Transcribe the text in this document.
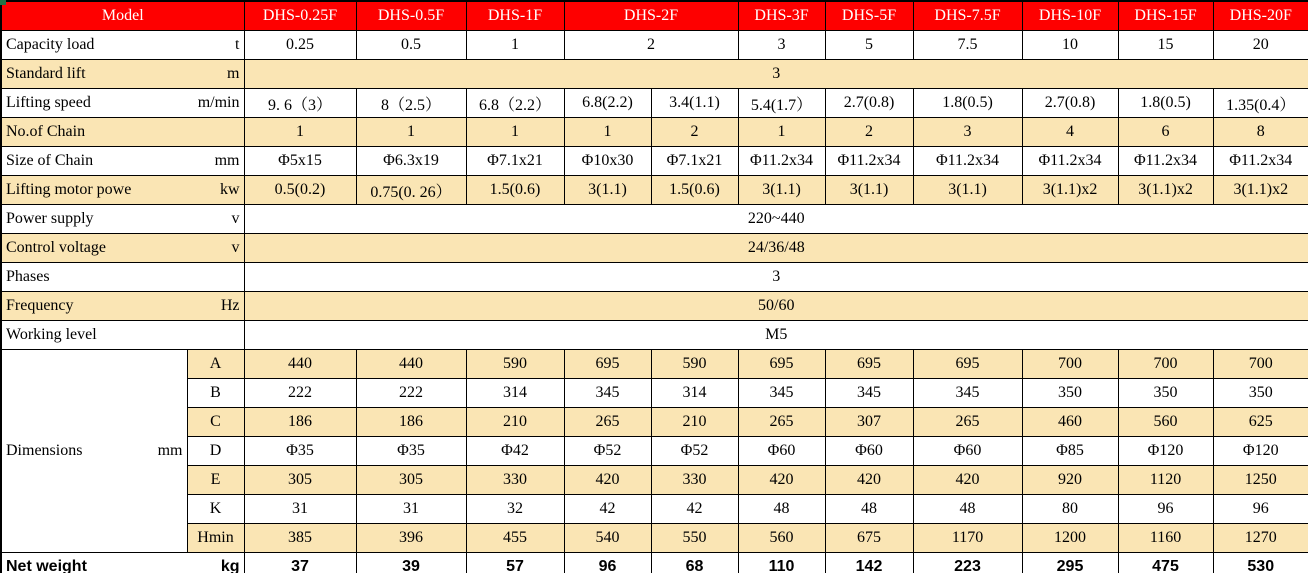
Model		DHS-0.25F	DHS-0.5F	DHS-1F	DHS-2F		DHS-3F	DHS-5F	DHS-7.5F	DHS-10F	DHS-15F	DHS-20F

Capacity load t		0.25	0.5	1	2		3	5	7.5	10	15	20

Standard lift m		3										

Lifting speed m/min		9. 6（3）	8（2.5）	6.8（2.2）	6.8(2.2)	3.4(1.1)	5.4(1.7）	2.7(0.8)	1.8(0.5)	2.7(0.8)	1.8(0.5)	1.35(0.4）

No.of Chain		1	1	1	1	2	1	2	3	4	6	8

Size of Chain mm		Φ5x15	Φ6.3x19	Φ7.1x21	Φ10x30	Φ7.1x21	Φ11.2x34	Φ11.2x34	Φ11.2x34	Φ11.2x34	Φ11.2x34	Φ11.2x34

Lifting motor powe kw		0.5(0.2)	0.75(0. 26）	1.5(0.6)	3(1.1)	1.5(0.6)	3(1.1)	3(1.1)	3(1.1)	3(1.1)x2	3(1.1)x2	3(1.1)x2

Power supply v		220~440										

Control voltage v		24/36/48										

Phases		3										

Frequency Hz		50/60										

Working level		M5										

Dimensions mm	A	440	440	590	695	590	695	695	695	700	700	700
	B	222	222	314	345	314	345	345	345	350	350	350
	C	186	186	210	265	210	265	307	265	460	560	625
	D	Φ35	Φ35	Φ42	Φ52	Φ52	Φ60	Φ60	Φ60	Φ85	Φ120	Φ120
	E	305	305	330	420	330	420	420	420	920	1120	1250
	K	31	31	32	42	42	48	48	48	80	96	96
	Hmin	385	396	455	540	550	560	675	1170	1200	1160	1270

Net weight kg		37	39	57	96	68	110	142	223	295	475	530
